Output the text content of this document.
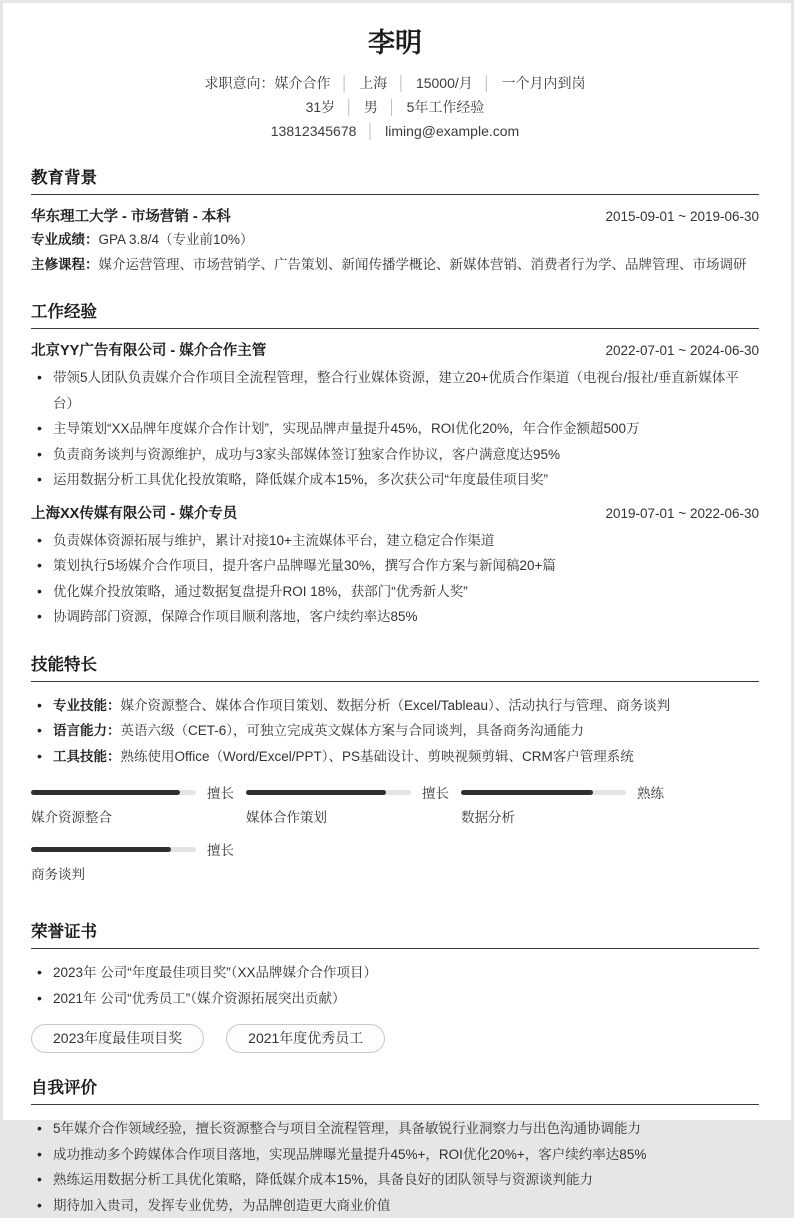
李明
求职意向：媒介合作 │ 上海 │ 15000/月 │ 一个月内到岗
31岁 │ 男 │ 5年工作经验
13812345678 │ liming@example.com
教育背景
华东理工大学 - 市场营销 - 本科	2015-09-01 ~ 2019-06-30
专业成绩：GPA 3.8/4（专业前10%）
主修课程：媒介运营管理、市场营销学、广告策划、新闻传播学概论、新媒体营销、消费者行为学、品牌管理、市场调研
工作经验
北京YY广告有限公司 - 媒介合作主管	2022-07-01 ~ 2024-06-30
• 带领5人团队负责媒介合作项目全流程管理，整合行业媒体资源，建立20+优质合作渠道（电视台/报社/垂直新媒体平台）
• 主导策划“XX品牌年度媒介合作计划”，实现品牌声量提升45%，ROI优化20%，年合作金额超500万
• 负责商务谈判与资源维护，成功与3家头部媒体签订独家合作协议，客户满意度达95%
• 运用数据分析工具优化投放策略，降低媒介成本15%，多次获公司“年度最佳项目奖”
上海XX传媒有限公司 - 媒介专员	2019-07-01 ~ 2022-06-30
• 负责媒体资源拓展与维护，累计对接10+主流媒体平台，建立稳定合作渠道
• 策划执行5场媒介合作项目，提升客户品牌曝光量30%，撰写合作方案与新闻稿20+篇
• 优化媒介投放策略，通过数据复盘提升ROI 18%，获部门“优秀新人奖”
• 协调跨部门资源，保障合作项目顺利落地，客户续约率达85%
技能特长
• 专业技能：媒介资源整合、媒体合作项目策划、数据分析（Excel/Tableau）、活动执行与管理、商务谈判
• 语言能力：英语六级（CET-6），可独立完成英文媒体方案与合同谈判，具备商务沟通能力
• 工具技能：熟练使用Office（Word/Excel/PPT）、PS基础设计、剪映视频剪辑、CRM客户管理系统
擅长
媒介资源整合
擅长
媒体合作策划
熟练
数据分析
擅长
商务谈判
荣誉证书
• 2023年 公司“年度最佳项目奖”（XX品牌媒介合作项目）
• 2021年 公司“优秀员工”（媒介资源拓展突出贡献）
2023年度最佳项目奖	2021年度优秀员工
自我评价
• 5年媒介合作领域经验，擅长资源整合与项目全流程管理，具备敏锐行业洞察力与出色沟通协调能力
• 成功推动多个跨媒体合作项目落地，实现品牌曝光量提升45%+，ROI优化20%+，客户续约率达85%
• 熟练运用数据分析工具优化策略，降低媒介成本15%，具备良好的团队领导与资源谈判能力
• 期待加入贵司，发挥专业优势，为品牌创造更大商业价值
